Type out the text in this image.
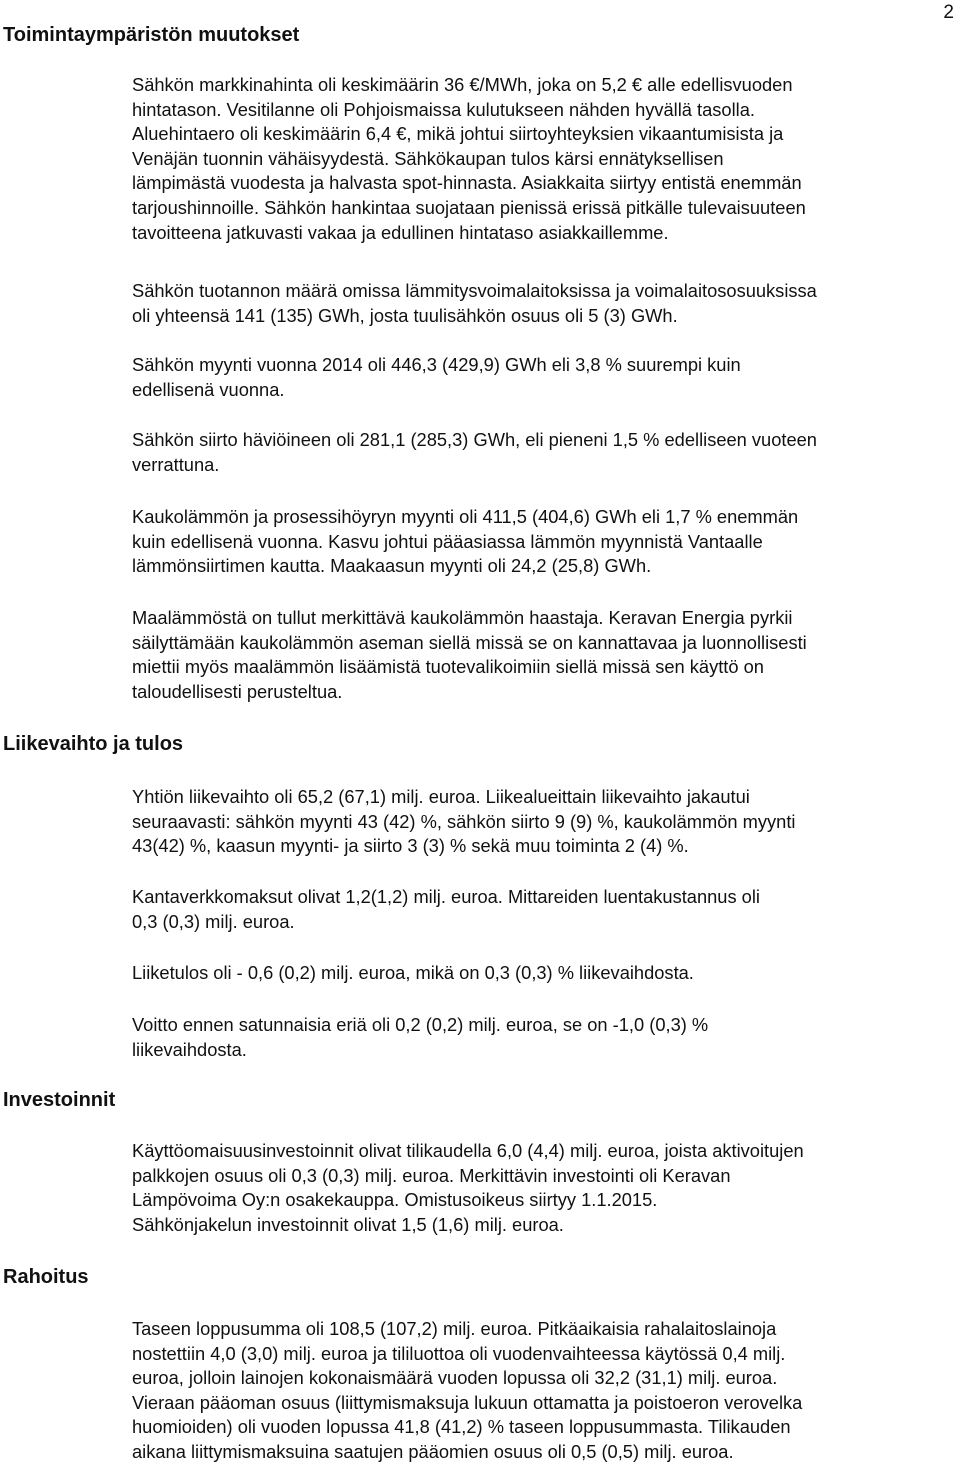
2
Toimintaympäristön muutokset

Sähkön markkinahinta oli keskimäärin 36 €/MWh, joka on 5,2 € alle edellisvuoden
hintatason. Vesitilanne oli Pohjoismaissa kulutukseen nähden hyvällä tasolla.
Aluehintaero oli keskimäärin 6,4 €, mikä johtui siirtoyhteyksien vikaantumisista ja
Venäjän tuonnin vähäisyydestä. Sähkökaupan tulos kärsi ennätyksellisen
lämpimästä vuodesta ja halvasta spot-hinnasta. Asiakkaita siirtyy entistä enemmän
tarjoushinnoille. Sähkön hankintaa suojataan pienissä erissä pitkälle tulevaisuuteen
tavoitteena jatkuvasti vakaa ja edullinen hintataso asiakkaillemme.

Sähkön tuotannon määrä omissa lämmitysvoimalaitoksissa ja voimalaitososuuksissa
oli yhteensä 141 (135) GWh, josta tuulisähkön osuus oli 5 (3) GWh.

Sähkön myynti vuonna 2014 oli 446,3 (429,9) GWh eli 3,8 % suurempi kuin
edellisenä vuonna.

Sähkön siirto häviöineen oli 281,1 (285,3) GWh, eli pieneni 1,5 % edelliseen vuoteen
verrattuna.

Kaukolämmön ja prosessihöyryn myynti oli 411,5 (404,6) GWh eli 1,7 % enemmän
kuin edellisenä vuonna. Kasvu johtui pääasiassa lämmön myynnistä Vantaalle
lämmönsiirtimen kautta. Maakaasun myynti oli 24,2 (25,8) GWh.

Maalämmöstä on tullut merkittävä kaukolämmön haastaja. Keravan Energia pyrkii
säilyttämään kaukolämmön aseman siellä missä se on kannattavaa ja luonnollisesti
miettii myös maalämmön lisäämistä tuotevalikoimiin siellä missä sen käyttö on
taloudellisesti perusteltua.

Liikevaihto ja tulos

Yhtiön liikevaihto oli 65,2 (67,1) milj. euroa. Liikealueittain liikevaihto jakautui
seuraavasti: sähkön myynti 43 (42) %, sähkön siirto 9 (9) %, kaukolämmön myynti
43(42) %, kaasun myynti- ja siirto 3 (3) % sekä muu toiminta 2 (4) %.

Kantaverkkomaksut olivat 1,2(1,2) milj. euroa. Mittareiden luentakustannus oli
0,3 (0,3) milj. euroa.

Liiketulos oli - 0,6 (0,2) milj. euroa, mikä on 0,3 (0,3) % liikevaihdosta.

Voitto ennen satunnaisia eriä oli 0,2 (0,2) milj. euroa, se on -1,0 (0,3) %
liikevaihdosta.

Investoinnit

Käyttöomaisuusinvestoinnit olivat tilikaudella 6,0 (4,4) milj. euroa, joista aktivoitujen
palkkojen osuus oli 0,3 (0,3) milj. euroa. Merkittävin investointi oli Keravan
Lämpövoima Oy:n osakekauppa. Omistusoikeus siirtyy 1.1.2015.
Sähkönjakelun investoinnit olivat 1,5 (1,6) milj. euroa.

Rahoitus

Taseen loppusumma oli 108,5 (107,2) milj. euroa. Pitkäaikaisia rahalaitoslainoja
nostettiin 4,0 (3,0) milj. euroa ja tililuottoa oli vuodenvaihteessa käytössä 0,4 milj.
euroa, jolloin lainojen kokonaismäärä vuoden lopussa oli 32,2 (31,1) milj. euroa.
Vieraan pääoman osuus (liittymismaksuja lukuun ottamatta ja poistoeron verovelka
huomioiden) oli vuoden lopussa 41,8 (41,2) % taseen loppusummasta. Tilikauden
aikana liittymismaksuina saatujen pääomien osuus oli 0,5 (0,5) milj. euroa.
